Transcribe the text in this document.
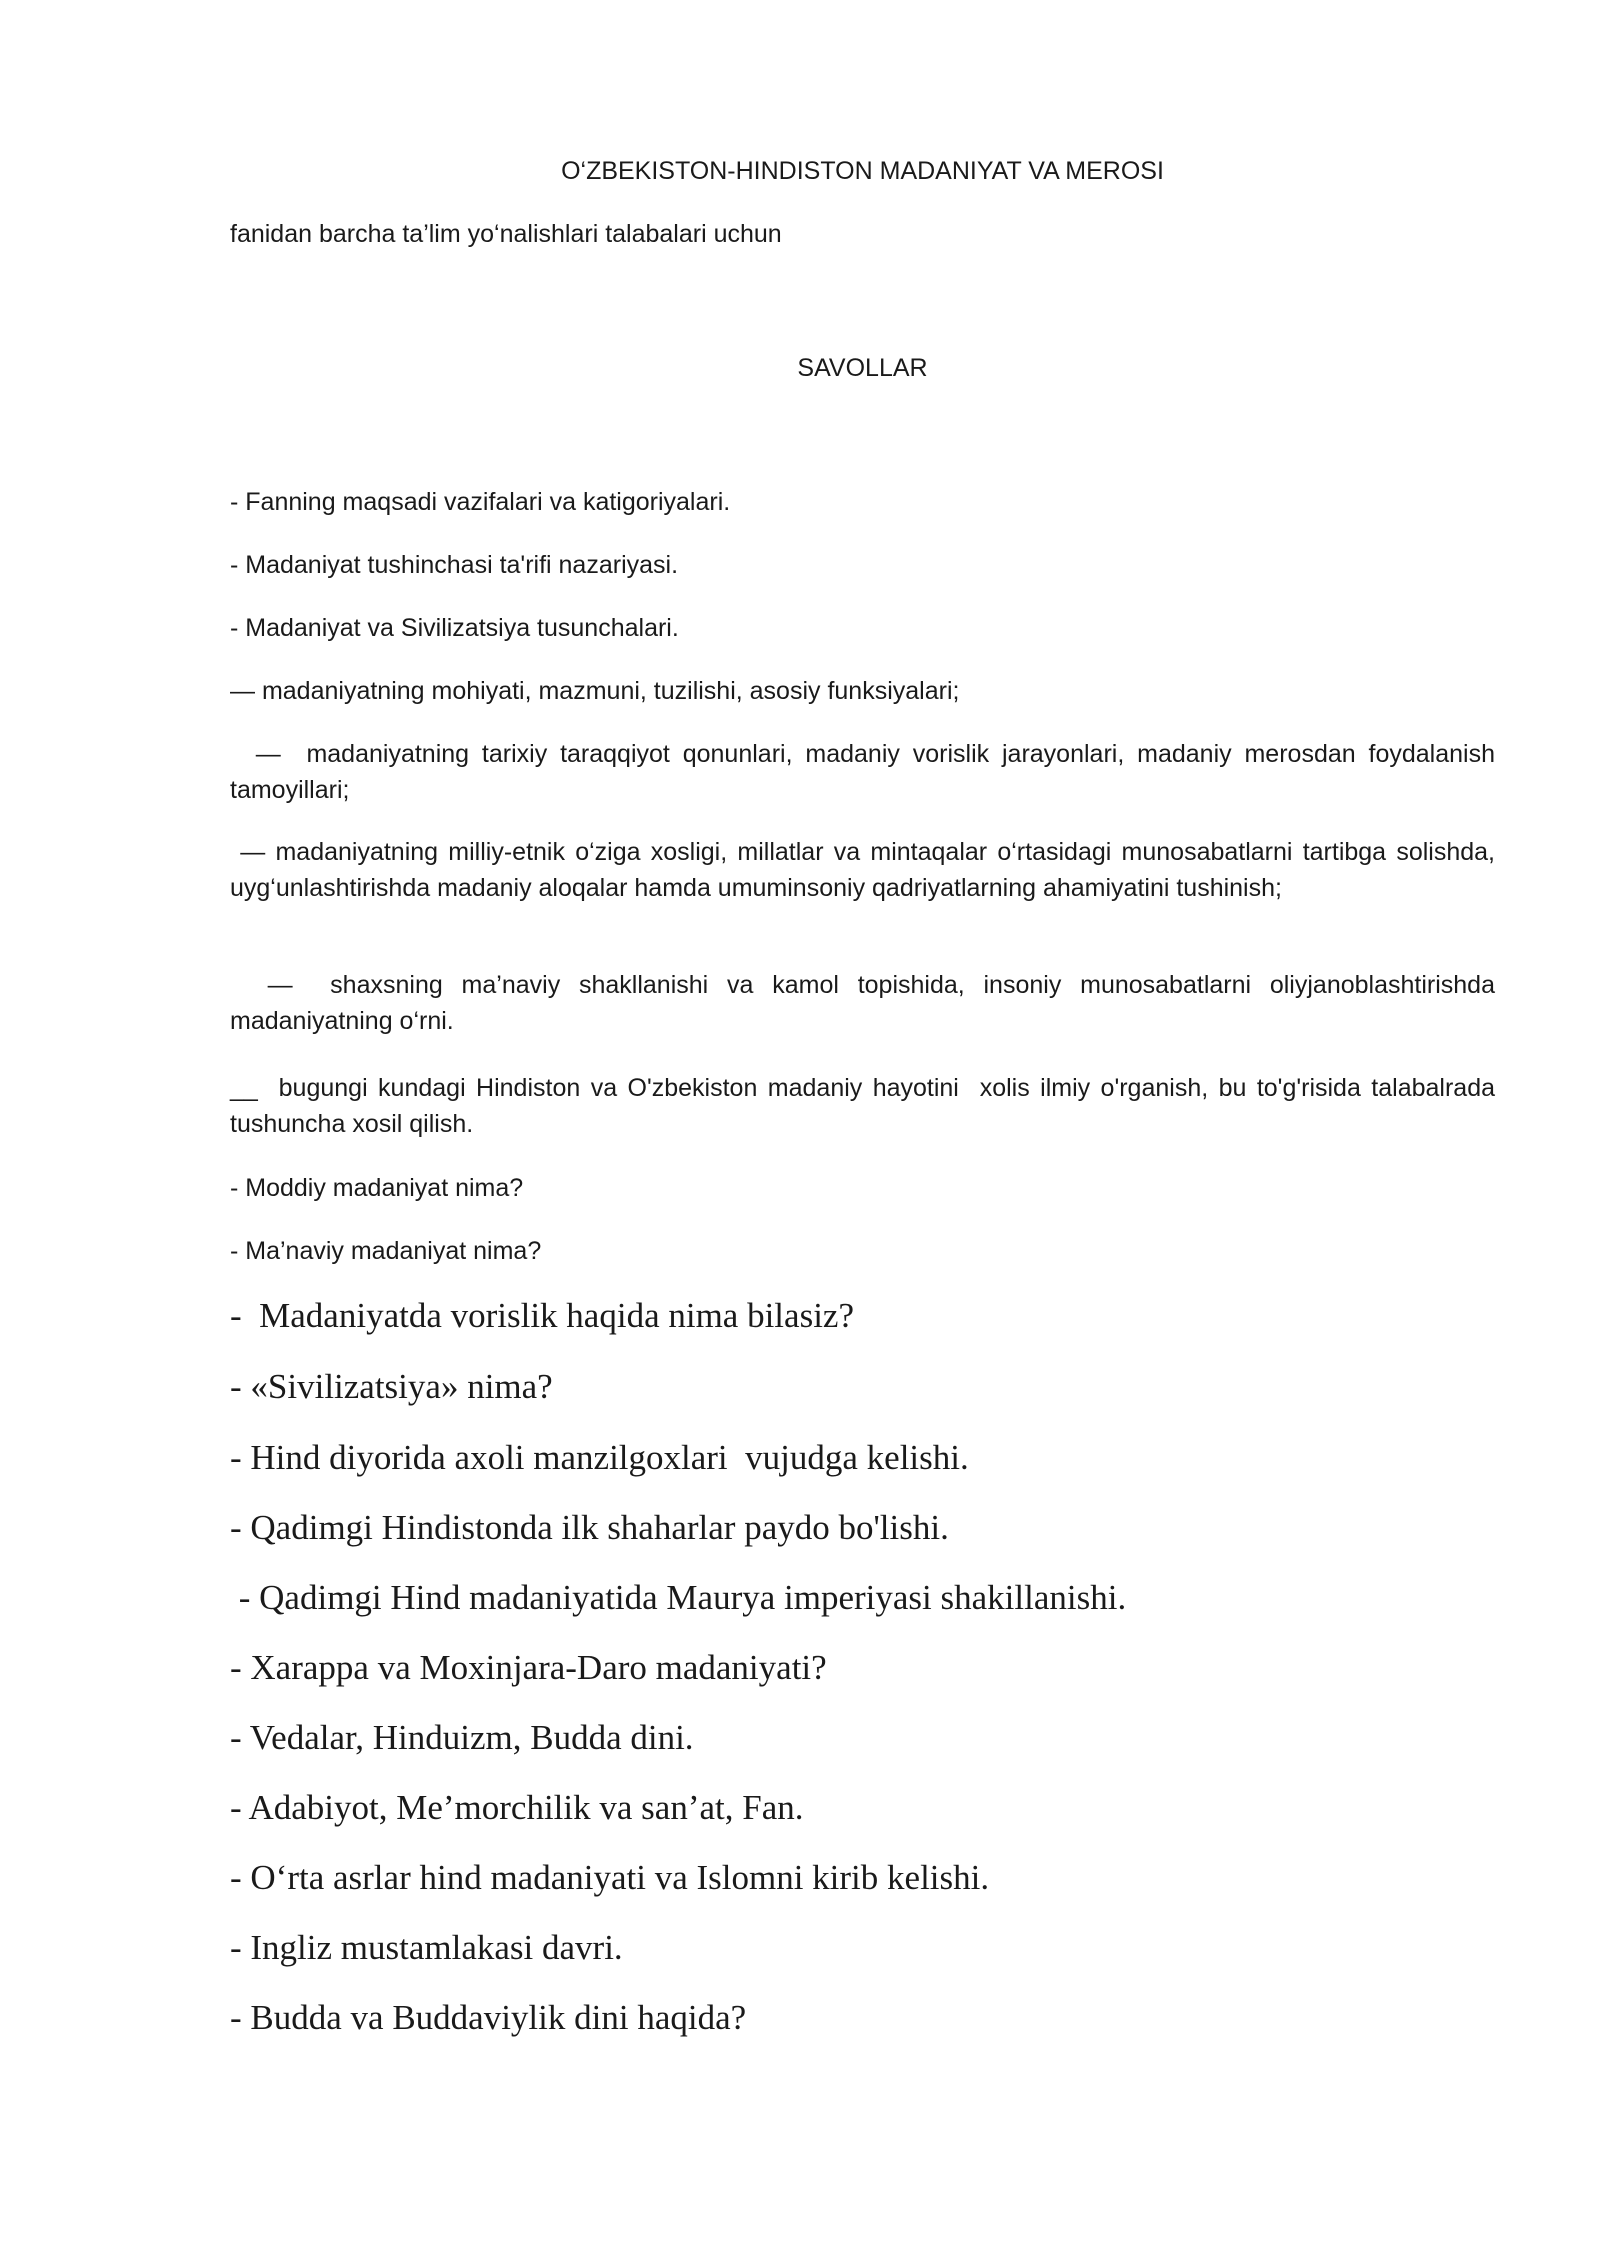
O‘ZBEKISTON-HINDISTON MADANIYAT VA MEROSI
fanidan barcha ta’lim yo‘nalishlari talabalari uchun
SAVOLLAR
- Fanning maqsadi vazifalari va katigoriyalari.
- Madaniyat tushinchasi ta'rifi nazariyasi.
- Madaniyat va Sivilizatsiya tusunchalari.
— madaniyatning mohiyati, mazmuni, tuzilishi, asosiy funksiyalari;
—  madaniyatning tarixiy taraqqiyot qonunlari, madaniy vorislik jarayonlari, madaniy merosdan foydalanish tamoyillari;
— madaniyatning milliy-etnik o‘ziga xosligi, millatlar va mintaqalar o‘rtasidagi munosabatlarni tartibga solishda, uyg‘unlashtirishda madaniy aloqalar hamda umuminsoniy qadriyatlarning ahamiyatini tushinish;
—  shaxsning ma’naviy shakllanishi va kamol topishida, insoniy munosabatlarni oliyjanoblashtirishda madaniyatning o‘rni.
__  bugungi kundagi Hindiston va O'zbekiston madaniy hayotini  xolis ilmiy o'rganish, bu to'g'risida talabalrada tushuncha xosil qilish.
- Moddiy madaniyat nima?
- Ma’naviy madaniyat nima?
-  Madaniyatda vorislik haqida nima bilasiz?
- «Sivilizatsiya» nima?
- Hind diyorida axoli manzilgoxlari  vujudga kelishi.
- Qadimgi Hindistonda ilk shaharlar paydo bo'lishi.
- Qadimgi Hind madaniyatida Maurya imperiyasi shakillanishi.
- Xarappa va Moxinjara-Daro madaniyati?
- Vedalar, Hinduizm, Budda dini.
- Adabiyot, Me’morchilik va san’at, Fan.
- O‘rta asrlar hind madaniyati va Islomni kirib kelishi.
- Ingliz mustamlakasi davri.
- Budda va Buddaviylik dini haqida?
